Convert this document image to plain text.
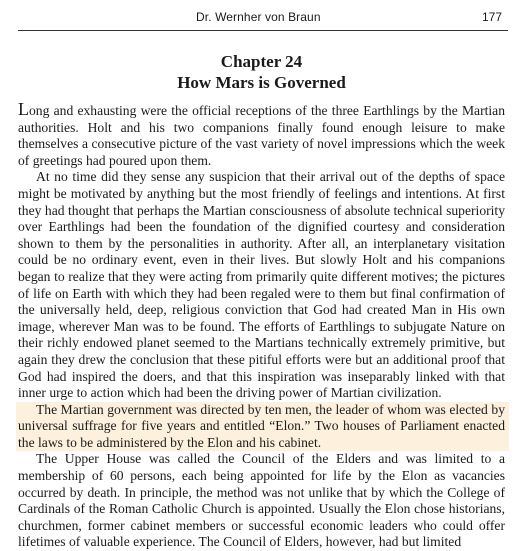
Dr. Wernher von Braun	177
Chapter 24
How Mars is Governed

Long and exhausting were the official receptions of the three Earthlings by the Martian authorities. Holt and his two companions finally found enough leisure to make themselves a consecutive picture of the vast variety of novel impressions which the week of greetings had poured upon them.

At no time did they sense any suspicion that their arrival out of the depths of space might be motivated by anything but the most friendly of feelings and intentions. At first they had thought that perhaps the Martian consciousness of absolute technical superiority over Earthlings had been the foundation of the dignified courtesy and consideration shown to them by the personalities in authority. After all, an interplanetary visitation could be no ordinary event, even in their lives. But slowly Holt and his companions began to realize that they were acting from primarily quite different motives; the pictures of life on Earth with which they had been regaled were to them but final confirmation of the universally held, deep, religious conviction that God had created Man in His own image, wherever Man was to be found. The efforts of Earthlings to subjugate Nature on their richly endowed planet seemed to the Martians technically extremely primitive, but again they drew the conclusion that these pitiful efforts were but an additional proof that God had inspired the doers, and that this inspiration was inseparably linked with that inner urge to action which had been the driving power of Martian civilization.

The Martian government was directed by ten men, the leader of whom was elected by universal suffrage for five years and entitled “Elon.” Two houses of Parliament enacted the laws to be administered by the Elon and his cabinet.

The Upper House was called the Council of the Elders and was limited to a membership of 60 persons, each being appointed for life by the Elon as vacancies occurred by death. In principle, the method was not unlike that by which the College of Cardinals of the Roman Catholic Church is appointed. Usually the Elon chose historians, churchmen, former cabinet members or successful economic leaders who could offer lifetimes of valuable experience. The Council of Elders, however, had but limited
